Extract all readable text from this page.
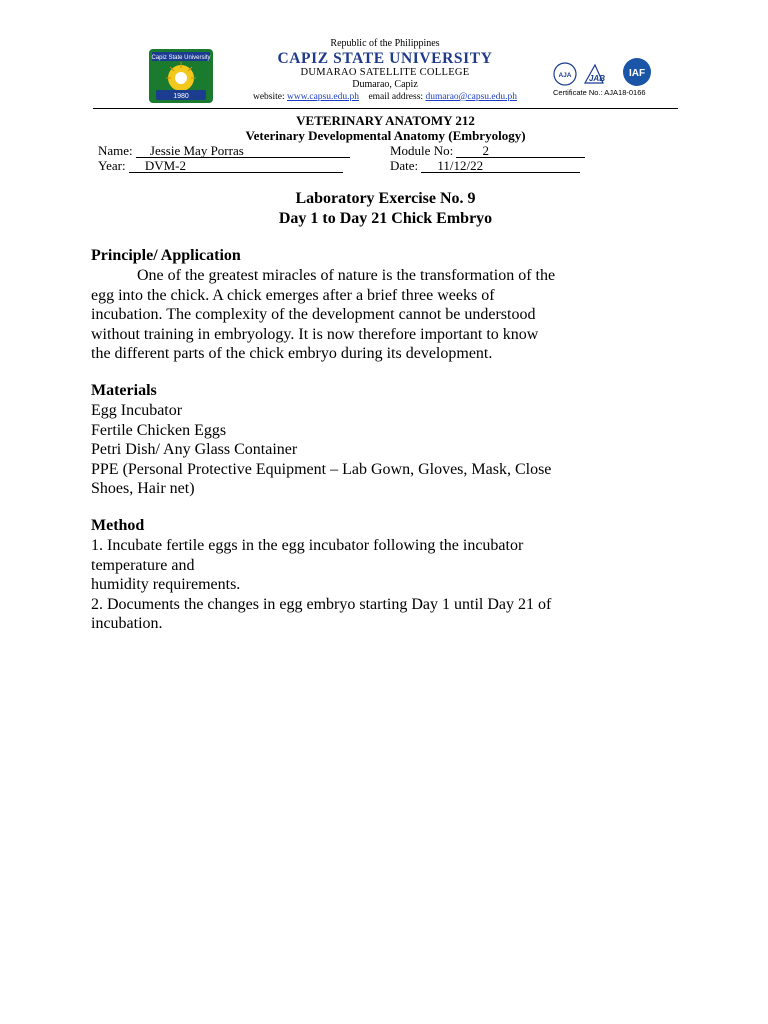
Capiz State University
1980
Republic of the Philippines
CAPIZ STATE UNIVERSITY
DUMARAO SATELLITE COLLEGE
Dumarao, Capiz
website: www.capsu.edu.ph email address: dumarao@capsu.edu.ph
AJA JAB IAF
Certificate No.: AJA18-0166
VETERINARY ANATOMY 212
Veterinary Developmental Anatomy (Embryology)
Name: Jessie May Porras
Year: DVM-2
Module No: 2
Date: 11/12/22
Laboratory Exercise No. 9
Day 1 to Day 21 Chick Embryo
Principle/ Application
One of the greatest miracles of nature is the transformation of the
egg into the chick. A chick emerges after a brief three weeks of
incubation. The complexity of the development cannot be understood
without training in embryology. It is now therefore important to know
the different parts of the chick embryo during its development.
Materials
Egg Incubator
Fertile Chicken Eggs
Petri Dish/ Any Glass Container
PPE (Personal Protective Equipment – Lab Gown, Gloves, Mask, Close
Shoes, Hair net)
Method
1. Incubate fertile eggs in the egg incubator following the incubator
temperature and
humidity requirements.
2. Documents the changes in egg embryo starting Day 1 until Day 21 of
incubation.
